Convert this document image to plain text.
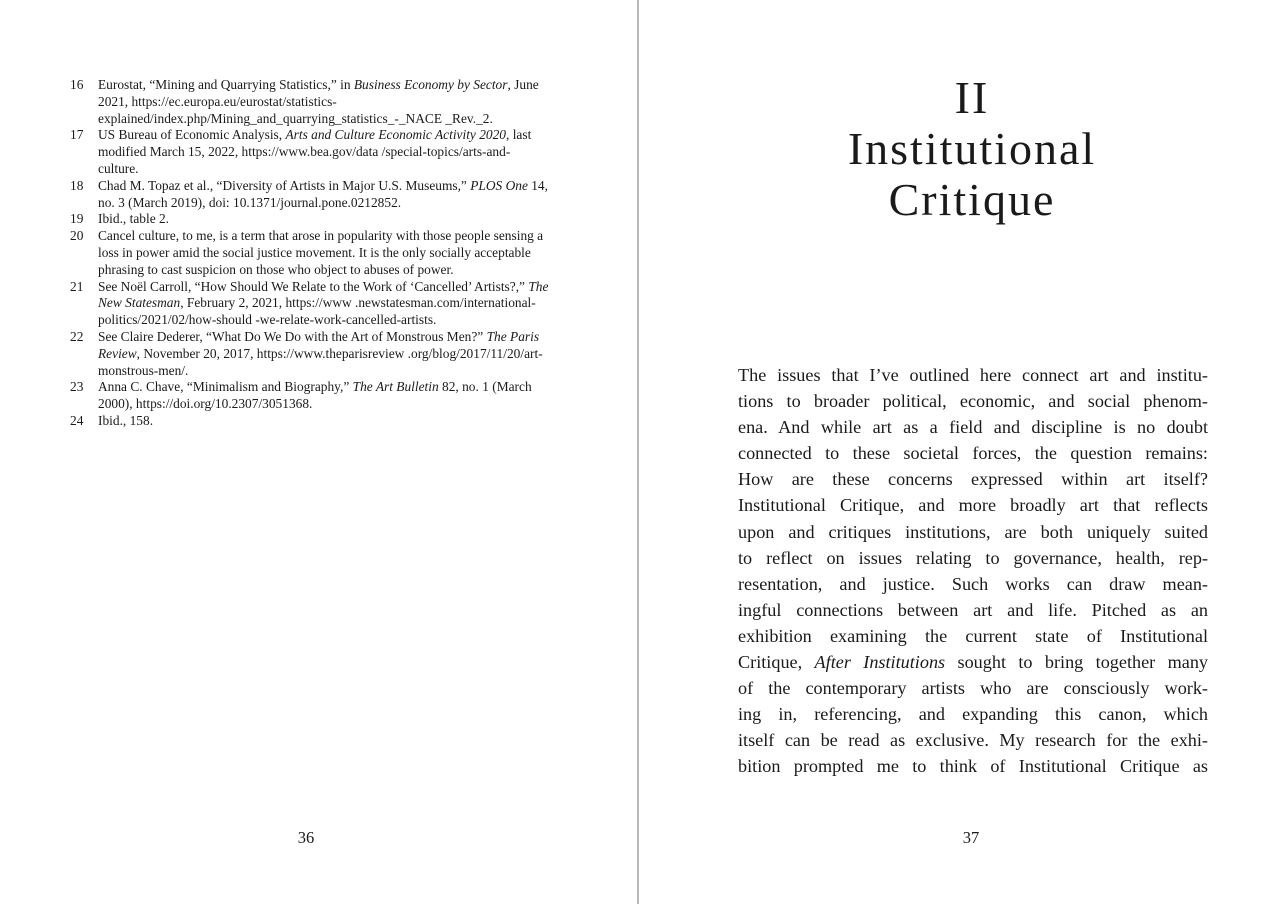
16	Eurostat, “Mining and Quarrying Statistics,” in Business Economy by Sector, June 2021, https://ec.europa.eu/eurostat/statistics-explained/index.php/Mining_and_quarrying_statistics_-_NACE _Rev._2.
17	US Bureau of Economic Analysis, Arts and Culture Economic Activity 2020, last modified March 15, 2022, https://www.bea.gov/data /special-topics/arts-and-culture.
18	Chad M. Topaz et al., “Diversity of Artists in Major U.S. Museums,” PLOS One 14, no. 3 (March 2019), doi: 10.1371/journal.pone.0212852.
19	Ibid., table 2.
20	Cancel culture, to me, is a term that arose in popularity with those people sensing a loss in power amid the social justice movement. It is the only socially acceptable phrasing to cast suspicion on those who object to abuses of power.
21	See Noël Carroll, “How Should We Relate to the Work of ‘Cancelled’ Artists?,” The New Statesman, February 2, 2021, https://www .newstatesman.com/international-politics/2021/02/how-should -we-relate-work-cancelled-artists.
22	See Claire Dederer, “What Do We Do with the Art of Monstrous Men?” The Paris Review, November 20, 2017, https://www.theparisreview .org/blog/2017/11/20/art-monstrous-men/.
23	Anna C. Chave, “Minimalism and Biography,” The Art Bulletin 82, no. 1 (March 2000), https://doi.org/10.2307/3051368.
24	Ibid., 158.
36
II
Institutional
Critique
The issues that I’ve outlined here connect art and institu-
tions to broader political, economic, and social phenom-
ena. And while art as a field and discipline is no doubt
connected to these societal forces, the question remains:
How are these concerns expressed within art itself?
Institutional Critique, and more broadly art that reflects
upon and critiques institutions, are both uniquely suited
to reflect on issues relating to governance, health, rep-
resentation, and justice. Such works can draw mean-
ingful connections between art and life. Pitched as an
exhibition examining the current state of Institutional
Critique, After Institutions sought to bring together many
of the contemporary artists who are consciously work-
ing in, referencing, and expanding this canon, which
itself can be read as exclusive. My research for the exhi-
bition prompted me to think of Institutional Critique as
37
